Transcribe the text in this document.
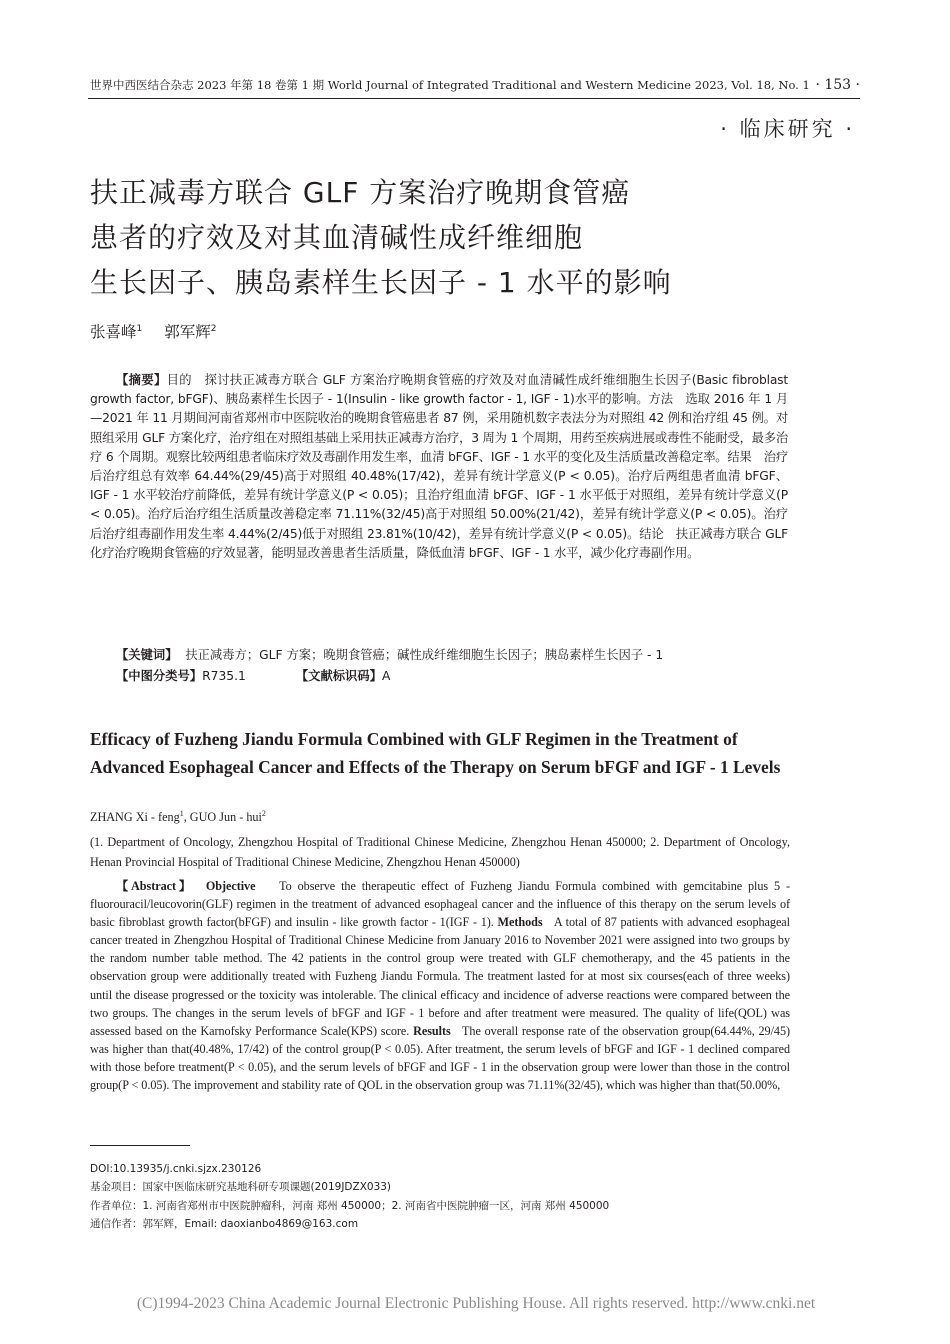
世界中西医结合杂志 2023 年第 18 卷第 1 期 World Journal of Integrated Traditional and Western Medicine 2023, Vol. 18, No. 1 · 153 ·
· 临床研究 ·
扶正减毒方联合 GLF 方案治疗晚期食管癌
患者的疗效及对其血清碱性成纤维细胞
生长因子、胰岛素样生长因子 - 1 水平的影响
张喜峰$^1$ 郭军辉$^2$
【摘要】目的　探讨扶正减毒方联合 GLF 方案治疗晚期食管癌的疗效及对血清碱性成纤维细胞生长因子(Basic fibroblast growth factor, bFGF)、胰岛素样生长因子 - 1(Insulin - like growth factor - 1, IGF - 1)水平的影响。方法　选取 2016 年 1 月—2021 年 11 月期间河南省郑州市中医院收治的晚期食管癌患者 87 例，采用随机数字表法分为对照组 42 例和治疗组 45 例。对照组采用 GLF 方案化疗，治疗组在对照组基础上采用扶正减毒方治疗，3 周为 1 个周期，用药至疾病进展或毒性不能耐受，最多治疗 6 个周期。观察比较两组患者临床疗效及毒副作用发生率，血清 bFGF、IGF - 1 水平的变化及生活质量改善稳定率。结果　治疗后治疗组总有效率 64.44%(29/45)高于对照组 40.48%(17/42)，差异有统计学意义(P < 0.05)。治疗后两组患者血清 bFGF、IGF - 1 水平较治疗前降低，差异有统计学意义(P < 0.05)；且治疗组血清 bFGF、IGF - 1 水平低于对照组，差异有统计学意义(P < 0.05)。治疗后治疗组生活质量改善稳定率 71.11%(32/45)高于对照组 50.00%(21/42)，差异有统计学意义(P < 0.05)。治疗后治疗组毒副作用发生率 4.44%(2/45)低于对照组 23.81%(10/42)，差异有统计学意义(P < 0.05)。结论　扶正减毒方联合 GLF 化疗治疗晚期食管癌的疗效显著，能明显改善患者生活质量，降低血清 bFGF、IGF - 1 水平，减少化疗毒副作用。
【关键词】 扶正减毒方；GLF 方案；晚期食管癌；碱性成纤维细胞生长因子；胰岛素样生长因子 - 1
【中图分类号】R735.1	【文献标识码】A
Efficacy of Fuzheng Jiandu Formula Combined with GLF Regimen in the Treatment of Advanced Esophageal Cancer and Effects of the Therapy on Serum bFGF and IGF - 1 Levels
ZHANG Xi - feng$^1$, GUO Jun - hui$^2$
(1. Department of Oncology, Zhengzhou Hospital of Traditional Chinese Medicine, Zhengzhou Henan 450000; 2. Department of Oncology, Henan Provincial Hospital of Traditional Chinese Medicine, Zhengzhou Henan 450000)
【Abstract】 Objective To observe the therapeutic effect of Fuzheng Jiandu Formula combined with gemcitabine plus 5 - fluorouracil/leucovorin(GLF) regimen in the treatment of advanced esophageal cancer and the influence of this therapy on the serum levels of basic fibroblast growth factor(bFGF) and insulin - like growth factor - 1(IGF - 1). Methods A total of 87 patients with advanced esophageal cancer treated in Zhengzhou Hospital of Traditional Chinese Medicine from January 2016 to November 2021 were assigned into two groups by the random number table method. The 42 patients in the control group were treated with GLF chemotherapy, and the 45 patients in the observation group were additionally treated with Fuzheng Jiandu Formula. The treatment lasted for at most six courses(each of three weeks) until the disease progressed or the toxicity was intolerable. The clinical efficacy and incidence of adverse reactions were compared between the two groups. The changes in the serum levels of bFGF and IGF - 1 before and after treatment were measured. The quality of life(QOL) was assessed based on the Karnofsky Performance Scale(KPS) score. Results The overall response rate of the observation group(64.44%, 29/45) was higher than that(40.48%, 17/42) of the control group(P < 0.05). After treatment, the serum levels of bFGF and IGF - 1 declined compared with those before treatment(P < 0.05), and the serum levels of bFGF and IGF - 1 in the observation group were lower than those in the control group(P < 0.05). The improvement and stability rate of QOL in the observation group was 71.11%(32/45), which was higher than that(50.00%,
DOI:10.13935/j.cnki.sjzx.230126
基金项目：国家中医临床研究基地科研专项课题(2019JDZX033)
作者单位：1. 河南省郑州市中医院肿瘤科，河南 郑州 450000；2. 河南省中医院肿瘤一区，河南 郑州 450000
通信作者：郭军辉，Email: daoxianbo4869@163.com
(C)1994-2023 China Academic Journal Electronic Publishing House. All rights reserved. http://www.cnki.net
